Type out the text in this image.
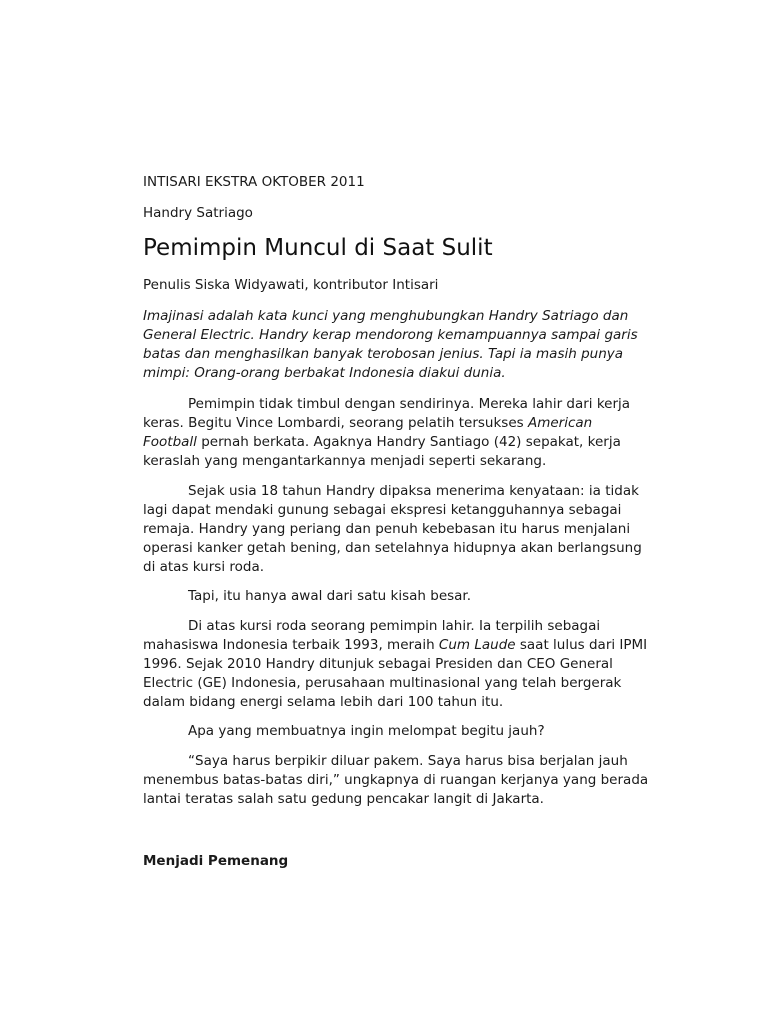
INTISARI EKSTRA OKTOBER 2011
Handry Satriago
Pemimpin Muncul di Saat Sulit
Penulis Siska Widyawati, kontributor Intisari
Imajinasi adalah kata kunci yang menghubungkan Handry Satriago dan
General Electric. Handry kerap mendorong kemampuannya sampai garis
batas dan menghasilkan banyak terobosan jenius. Tapi ia masih punya
mimpi: Orang-orang berbakat Indonesia diakui dunia.
Pemimpin tidak timbul dengan sendirinya. Mereka lahir dari kerja
keras. Begitu Vince Lombardi, seorang pelatih tersukses American
Football pernah berkata. Agaknya Handry Santiago (42) sepakat, kerja
keraslah yang mengantarkannya menjadi seperti sekarang.
Sejak usia 18 tahun Handry dipaksa menerima kenyataan: ia tidak
lagi dapat mendaki gunung sebagai ekspresi ketangguhannya sebagai
remaja. Handry yang periang dan penuh kebebasan itu harus menjalani
operasi kanker getah bening, dan setelahnya hidupnya akan berlangsung
di atas kursi roda.
Tapi, itu hanya awal dari satu kisah besar.
Di atas kursi roda seorang pemimpin lahir. Ia terpilih sebagai
mahasiswa Indonesia terbaik 1993, meraih Cum Laude saat lulus dari IPMI
1996. Sejak 2010 Handry ditunjuk sebagai Presiden dan CEO General
Electric (GE) Indonesia, perusahaan multinasional yang telah bergerak
dalam bidang energi selama lebih dari 100 tahun itu.
Apa yang membuatnya ingin melompat begitu jauh?
“Saya harus berpikir diluar pakem. Saya harus bisa berjalan jauh
menembus batas-batas diri,” ungkapnya di ruangan kerjanya yang berada
lantai teratas salah satu gedung pencakar langit di Jakarta.
Menjadi Pemenang
